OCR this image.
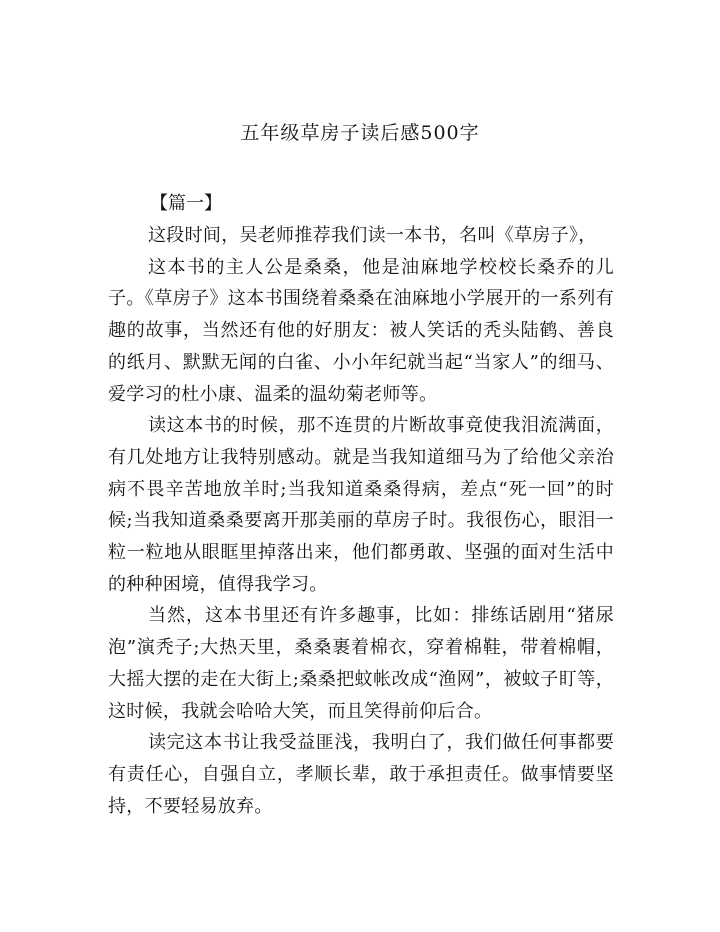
五年级草房子读后感500字
【篇一】

这段时间，吴老师推荐我们读一本书，名叫《草房子》，

这本书的主人公是桑桑，他是油麻地学校校长桑乔的儿子。《草房子》这本书围绕着桑桑在油麻地小学展开的一系列有趣的故事，当然还有他的好朋友：被人笑话的秃头陆鹤、善良的纸月、默默无闻的白雀、小小年纪就当起“当家人”的细马、爱学习的杜小康、温柔的温幼菊老师等。

读这本书的时候，那不连贯的片断故事竟使我泪流满面，有几处地方让我特别感动。就是当我知道细马为了给他父亲治病不畏辛苦地放羊时;当我知道桑桑得病，差点“死一回”的时候;当我知道桑桑要离开那美丽的草房子时。我很伤心，眼泪一粒一粒地从眼眶里掉落出来，他们都勇敢、坚强的面对生活中的种种困境，值得我学习。

当然，这本书里还有许多趣事，比如：排练话剧用“猪尿泡”演秃子;大热天里，桑桑裹着棉衣，穿着棉鞋，带着棉帽，大摇大摆的走在大街上;桑桑把蚊帐改成“渔网”，被蚊子盯等，这时候，我就会哈哈大笑，而且笑得前仰后合。

读完这本书让我受益匪浅，我明白了，我们做任何事都要有责任心，自强自立，孝顺长辈，敢于承担责任。做事情要坚持，不要轻易放弃。
